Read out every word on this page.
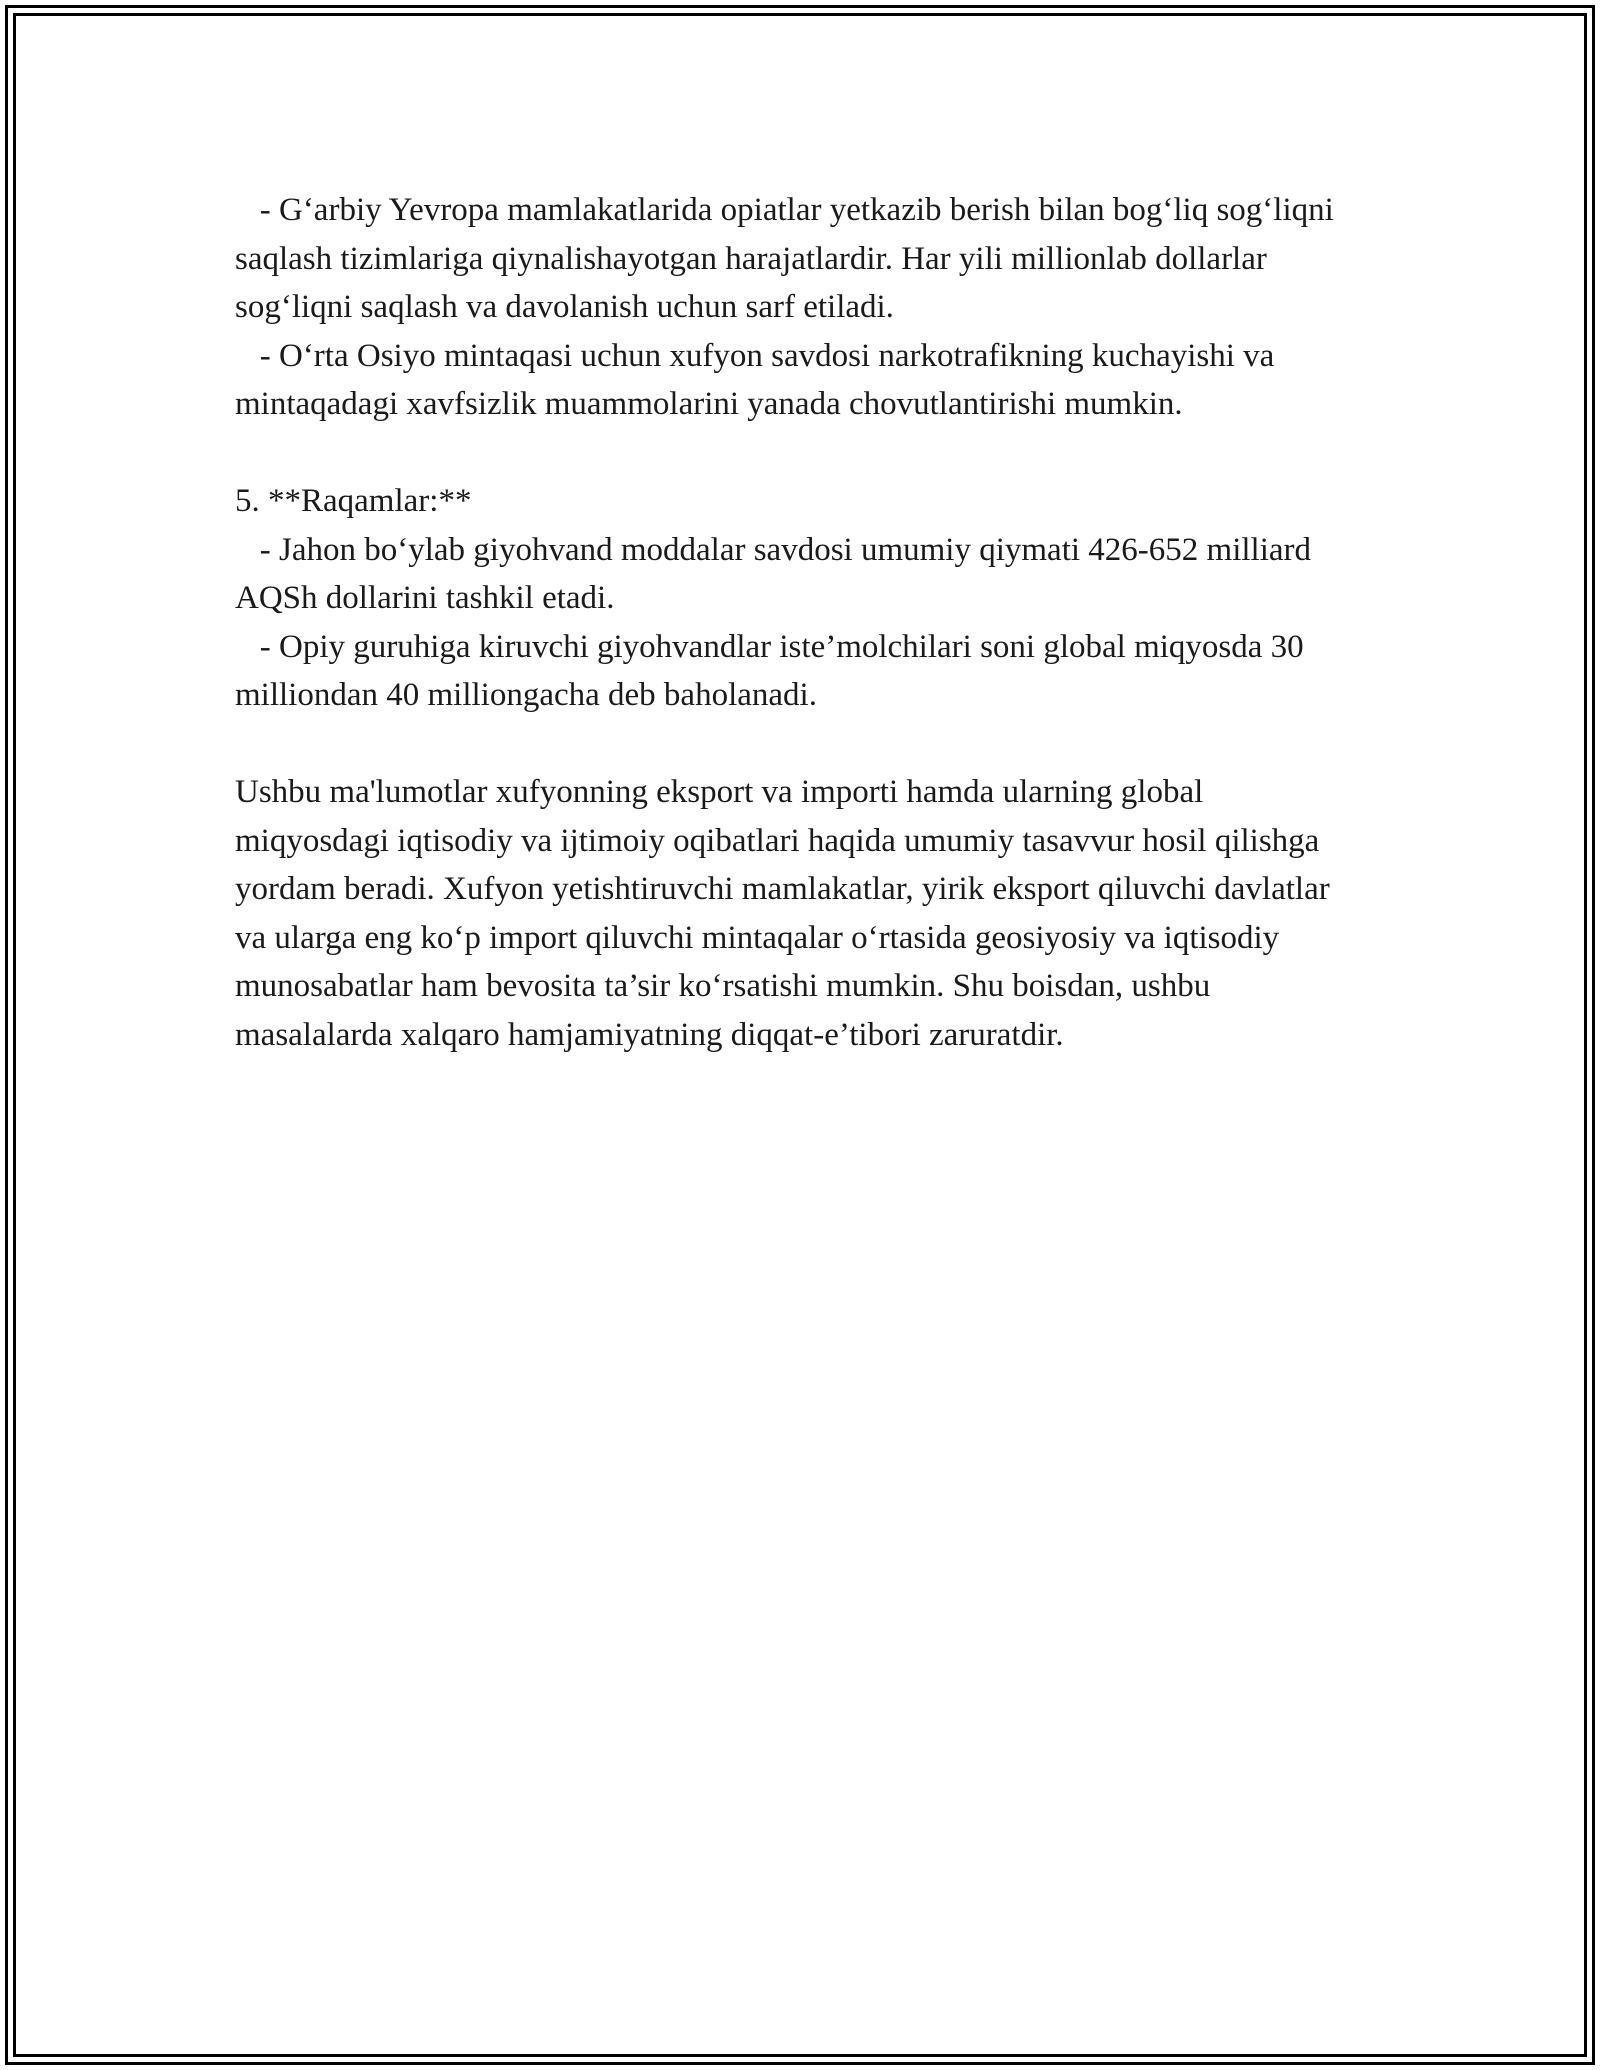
- G‘arbiy Yevropa mamlakatlarida opiatlar yetkazib berish bilan bog‘liq sog‘liqni saqlash tizimlariga qiynalishayotgan harajatlardir. Har yili millionlab dollarlar sog‘liqni saqlash va davolanish uchun sarf etiladi.

- O‘rta Osiyo mintaqasi uchun xufyon savdosi narkotrafikning kuchayishi va mintaqadagi xavfsizlik muammolarini yanada chovutlantirishi mumkin.

5. **Raqamlar:**

- Jahon bo‘ylab giyohvand moddalar savdosi umumiy qiymati 426-652 milliard AQSh dollarini tashkil etadi.

- Opiy guruhiga kiruvchi giyohvandlar iste’molchilari soni global miqyosda 30 milliondan 40 milliongacha deb baholanadi.

Ushbu ma'lumotlar xufyonning eksport va importi hamda ularning global miqyosdagi iqtisodiy va ijtimoiy oqibatlari haqida umumiy tasavvur hosil qilishga yordam beradi. Xufyon yetishtiruvchi mamlakatlar, yirik eksport qiluvchi davlatlar va ularga eng ko‘p import qiluvchi mintaqalar o‘rtasida geosiyosiy va iqtisodiy munosabatlar ham bevosita ta’sir ko‘rsatishi mumkin. Shu boisdan, ushbu masalalarda xalqaro hamjamiyatning diqqat-e’tibori zaruratdir.
